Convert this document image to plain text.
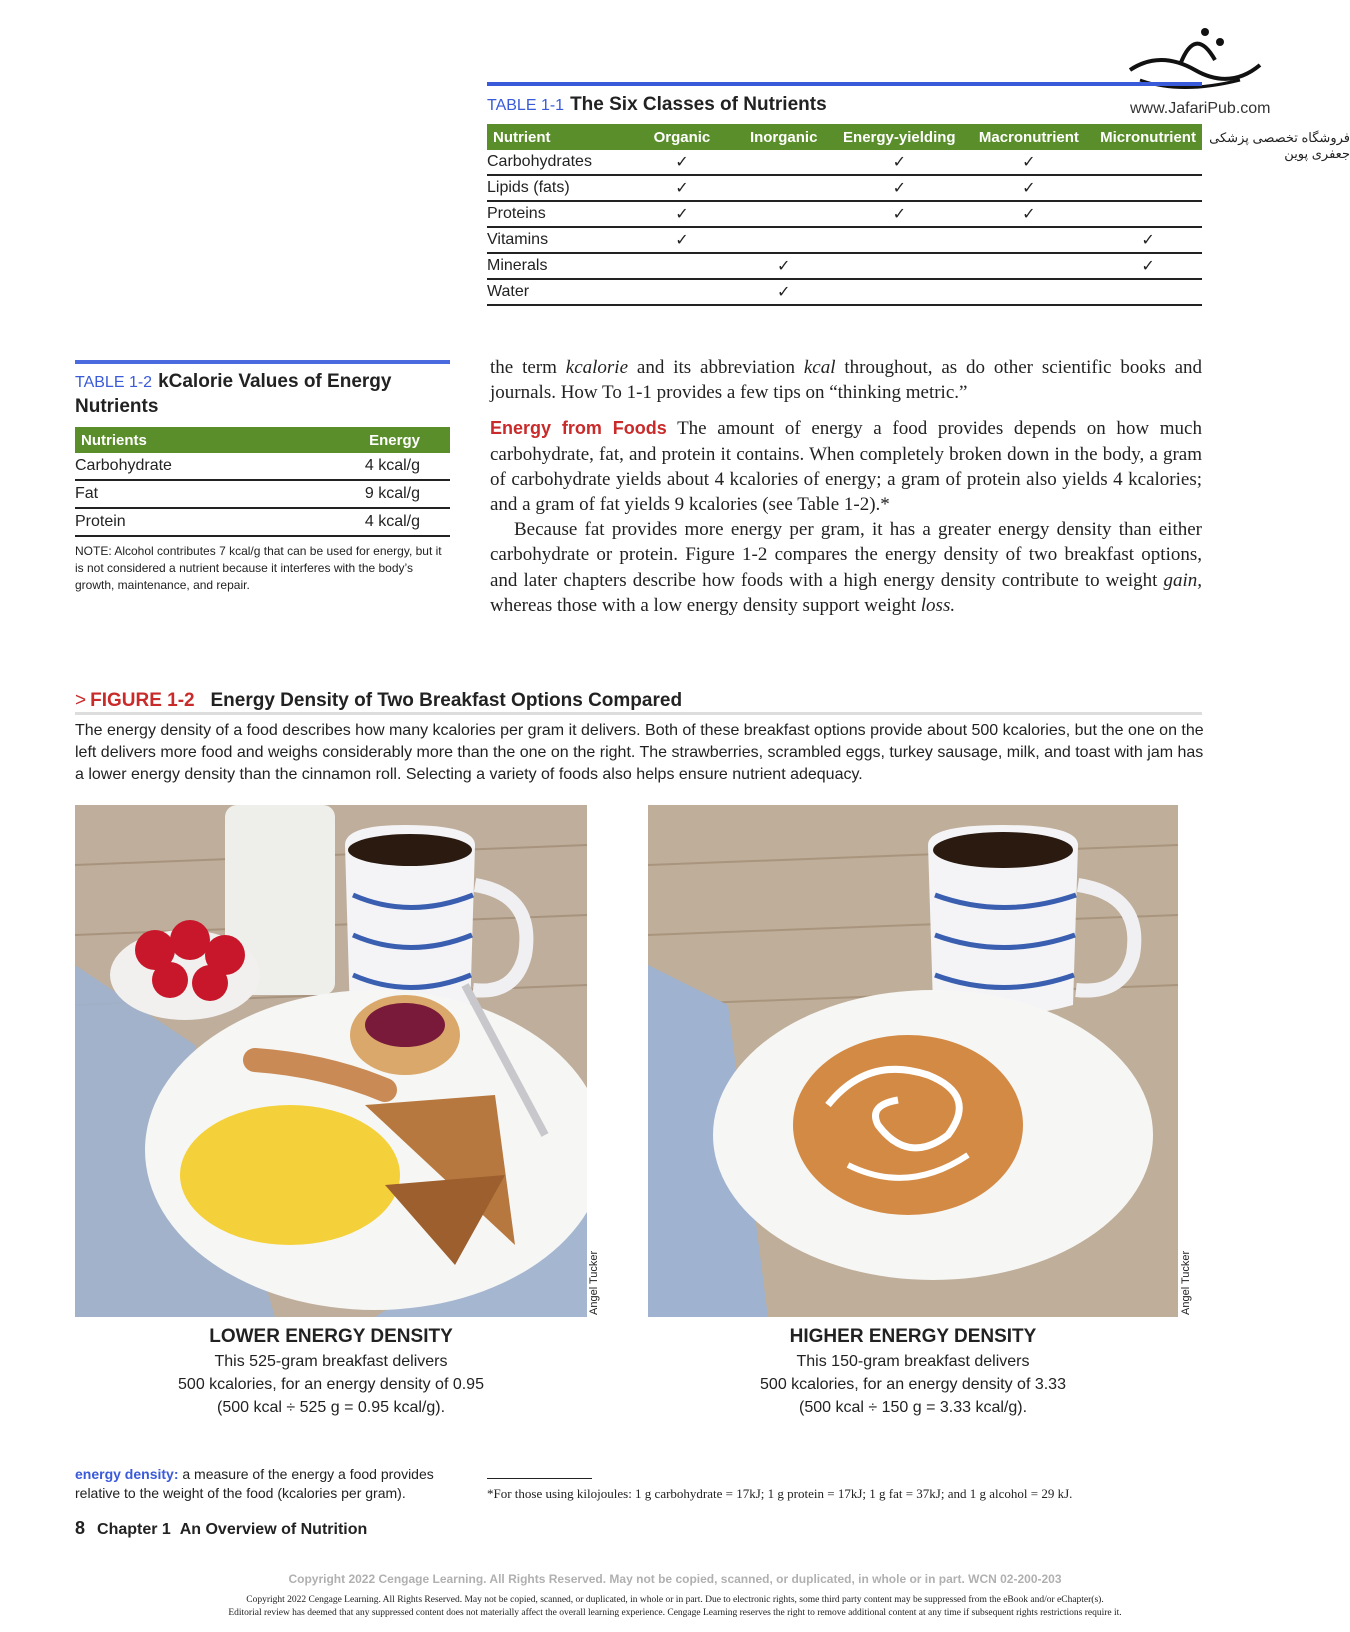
www.JafariPub.com
فروشگاه تخصصی پزشکی جعفری پوین
TABLE 1-1 The Six Classes of Nutrients
Nutrient	Organic	Inorganic	Energy-yielding	Macronutrient	Micronutrient
Carbohydrates	✓		✓	✓	
Lipids (fats)	✓		✓	✓	
Proteins	✓		✓	✓	
Vitamins	✓				✓
Minerals		✓			✓
Water		✓			
TABLE 1-2 kCalorie Values of Energy Nutrients
Nutrients	Energy
Carbohydrate	4 kcal/g
Fat	9 kcal/g
Protein	4 kcal/g
NOTE: Alcohol contributes 7 kcal/g that can be used for energy, but it is not considered a nutrient because it interferes with the body’s growth, maintenance, and repair.

the term kcalorie and its abbreviation kcal throughout, as do other scientific books and journals. How To 1-1 provides a few tips on “thinking metric.”

Energy from Foods The amount of energy a food provides depends on how much carbohydrate, fat, and protein it contains. When completely broken down in the body, a gram of carbohydrate yields about 4 kcalories of energy; a gram of protein also yields 4 kcalories; and a gram of fat yields 9 kcalories (see Table 1-2).*

Because fat provides more energy per gram, it has a greater energy density than either carbohydrate or protein. Figure 1-2 compares the energy density of two breakfast options, and later chapters describe how foods with a high energy density contribute to weight gain, whereas those with a low energy density support weight loss.

> FIGURE 1-2 Energy Density of Two Breakfast Options Compared
The energy density of a food describes how many kcalories per gram it delivers. Both of these breakfast options provide about 500 kcalories, but the one on the left delivers more food and weighs considerably more than the one on the right. The strawberries, scrambled eggs, turkey sausage, milk, and toast with jam has a lower energy density than the cinnamon roll. Selecting a variety of foods also helps ensure nutrient adequacy.
Angel Tucker	Angel Tucker
LOWER ENERGY DENSITY
This 525-gram breakfast delivers
500 kcalories, for an energy density of 0.95
(500 kcal ÷ 525 g = 0.95 kcal/g).
HIGHER ENERGY DENSITY
This 150-gram breakfast delivers
500 kcalories, for an energy density of 3.33
(500 kcal ÷ 150 g = 3.33 kcal/g).
energy density: a measure of the energy a food provides relative to the weight of the food (kcalories per gram).	*For those using kilojoules: 1 g carbohydrate = 17kJ; 1 g protein = 17kJ; 1 g fat = 37kJ; and 1 g alcohol = 29 kJ.
8 Chapter 1 An Overview of Nutrition
Copyright 2022 Cengage Learning. All Rights Reserved. May not be copied, scanned, or duplicated, in whole or in part. WCN 02-200-203
Copyright 2022 Cengage Learning. All Rights Reserved. May not be copied, scanned, or duplicated, in whole or in part. Due to electronic rights, some third party content may be suppressed from the eBook and/or eChapter(s).
Editorial review has deemed that any suppressed content does not materially affect the overall learning experience. Cengage Learning reserves the right to remove additional content at any time if subsequent rights restrictions require it.
